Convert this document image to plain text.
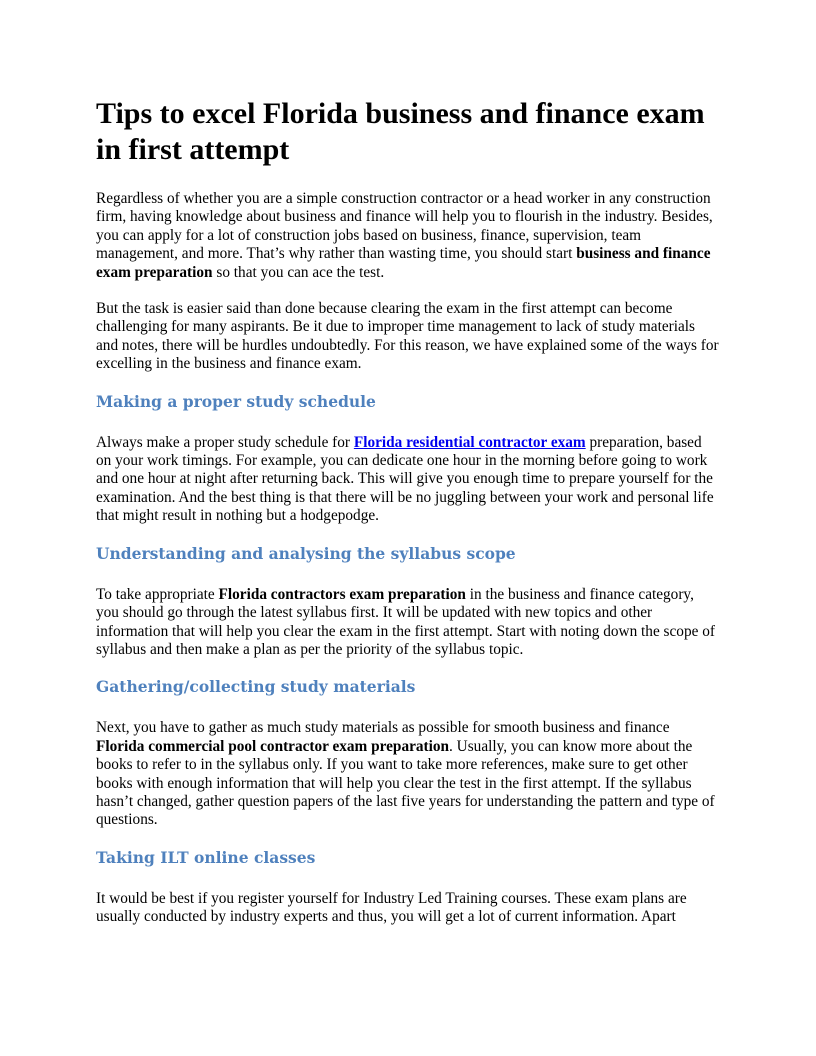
Tips to excel Florida business and finance exam in first attempt

Regardless of whether you are a simple construction contractor or a head worker in any construction firm, having knowledge about business and finance will help you to flourish in the industry. Besides, you can apply for a lot of construction jobs based on business, finance, supervision, team management, and more. That’s why rather than wasting time, you should start business and finance exam preparation so that you can ace the test.

But the task is easier said than done because clearing the exam in the first attempt can become challenging for many aspirants. Be it due to improper time management to lack of study materials and notes, there will be hurdles undoubtedly. For this reason, we have explained some of the ways for excelling in the business and finance exam.

Making a proper study schedule

Always make a proper study schedule for Florida residential contractor exam preparation, based on your work timings. For example, you can dedicate one hour in the morning before going to work and one hour at night after returning back. This will give you enough time to prepare yourself for the examination. And the best thing is that there will be no juggling between your work and personal life that might result in nothing but a hodgepodge.

Understanding and analysing the syllabus scope

To take appropriate Florida contractors exam preparation in the business and finance category, you should go through the latest syllabus first. It will be updated with new topics and other information that will help you clear the exam in the first attempt. Start with noting down the scope of syllabus and then make a plan as per the priority of the syllabus topic.

Gathering/collecting study materials

Next, you have to gather as much study materials as possible for smooth business and finance Florida commercial pool contractor exam preparation. Usually, you can know more about the books to refer to in the syllabus only. If you want to take more references, make sure to get other books with enough information that will help you clear the test in the first attempt. If the syllabus hasn’t changed, gather question papers of the last five years for understanding the pattern and type of questions.

Taking ILT online classes

It would be best if you register yourself for Industry Led Training courses. These exam plans are usually conducted by industry experts and thus, you will get a lot of current information. Apart
